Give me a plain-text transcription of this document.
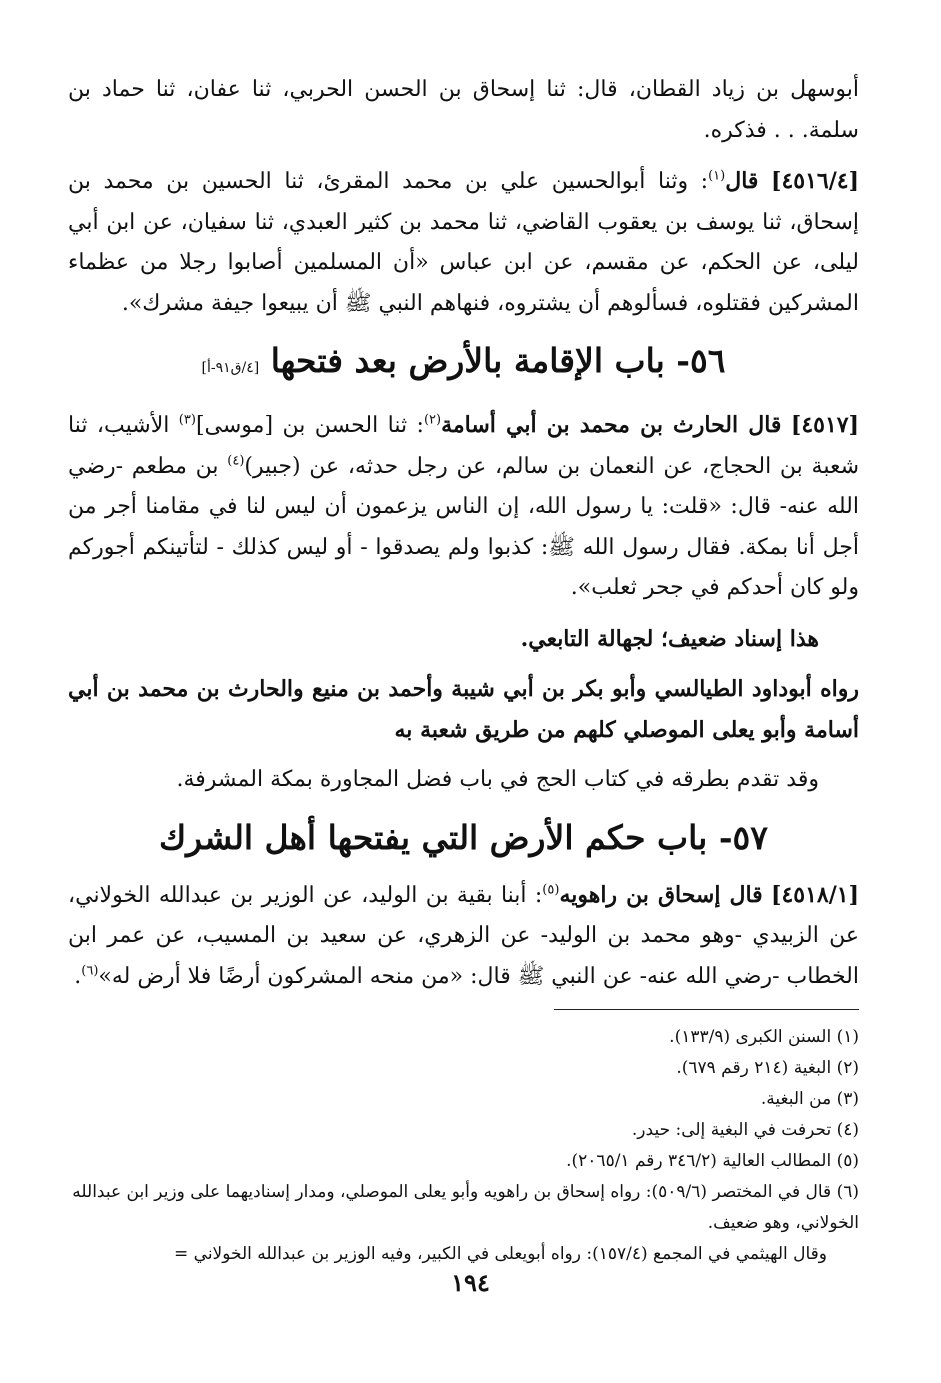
أبوسهل بن زياد القطان، قال: ثنا إسحاق بن الحسن الحربي، ثنا عفان، ثنا حماد بن سلمة. . . فذكره.

[٤٥١٦/٤] قال$^{(١)}$: وثنا أبوالحسين علي بن محمد المقرئ، ثنا الحسين بن محمد بن إسحاق، ثنا يوسف بن يعقوب القاضي، ثنا محمد بن كثير العبدي، ثنا سفيان، عن ابن أبي ليلى، عن الحكم، عن مقسم، عن ابن عباس «أن المسلمين أصابوا رجلا من عظماء المشركين فقتلوه، فسألوهم أن يشتروه، فنهاهم النبي ﷺ أن يبيعوا جيفة مشرك».

٥٦- باب الإقامة بالأرض بعد فتحها [٤/ق٩١-أ]

[٤٥١٧] قال الحارث بن محمد بن أبي أسامة$^{(٢)}$: ثنا الحسن بن [موسى]$^{(٣)}$ الأشيب، ثنا شعبة بن الحجاج، عن النعمان بن سالم، عن رجل حدثه، عن (جبير)$^{(٤)}$ بن مطعم -رضي الله عنه- قال: «قلت: يا رسول الله، إن الناس يزعمون أن ليس لنا في مقامنا أجر من أجل أنا بمكة. فقال رسول الله ﷺ: كذبوا ولم يصدقوا - أو ليس كذلك - لتأتينكم أجوركم ولو كان أحدكم في جحر ثعلب».

هذا إسناد ضعيف؛ لجهالة التابعي.

رواه أبوداود الطيالسي وأبو بكر بن أبي شيبة وأحمد بن منيع والحارث بن محمد بن أبي أسامة وأبو يعلى الموصلي كلهم من طريق شعبة به

وقد تقدم بطرقه في كتاب الحج في باب فضل المجاورة بمكة المشرفة.

٥٧- باب حكم الأرض التي يفتحها أهل الشرك

[٤٥١٨/١] قال إسحاق بن راهويه$^{(٥)}$: أبنا بقية بن الوليد، عن الوزير بن عبدالله الخولاني، عن الزبيدي -وهو محمد بن الوليد- عن الزهري، عن سعيد بن المسيب، عن عمر ابن الخطاب -رضي الله عنه- عن النبي ﷺ قال: «من منحه المشركون أرضًا فلا أرض له»$^{(٦)}$.

(١) السنن الكبرى (١٣٣/٩).

(٢) البغية (٢١٤ رقم ٦٧٩).

(٣) من البغية.

(٤) تحرفت في البغية إلى: حيدر.

(٥) المطالب العالية (٣٤٦/٢ رقم ٢٠٦٥/١).

(٦) قال في المختصر (٥٠٩/٦): رواه إسحاق بن راهويه وأبو يعلى الموصلي، ومدار إسناديهما على وزير ابن عبدالله الخولاني، وهو ضعيف.

وقال الهيثمي في المجمع (١٥٧/٤): رواه أبويعلى في الكبير، وفيه الوزير بن عبدالله الخولاني =

١٩٤
